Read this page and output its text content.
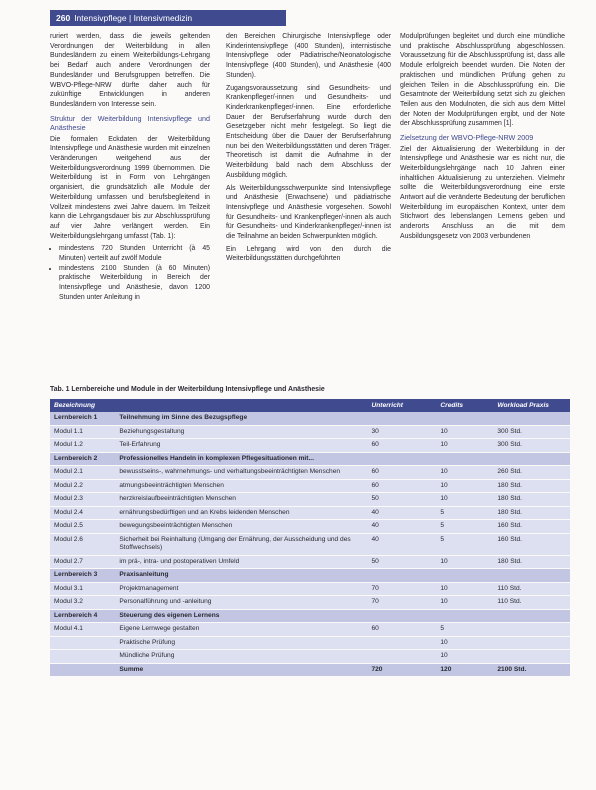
260 Intensivpflege | Intensivmedizin

ruriert werden, dass die jeweils geltenden Verordnungen der Weiterbildung in allen Bundesländern zu einem Weiterbildungs-Lehrgang bei Bedarf auch andere Verordnungen der Bundesländer und Berufsgruppen betreffen. Die WBVO-Pflege-NRW dürfte daher auch für zukünftige Entwicklungen in anderen Bundesländern von Interesse sein.

Struktur der Weiterbildung Intensivpflege und Anästhesie

Die formalen Eckdaten der Weiterbildung Intensivpflege und Anästhesie wurden mit einzelnen Veränderungen weitgehend aus der Weiterbildungsverordnung 1999 übernommen. Die Weiterbildung ist in Form von Lehrgängen organisiert, die grundsätzlich alle Module der Weiterbildung umfassen und berufsbegleitend in Vollzeit mindestens zwei Jahre dauern. Im Teilzeit kann die Lehrgangsdauer bis zur Abschlussprüfung auf vier Jahre verlängert werden. Ein Weiterbildungslehrgang umfasst (Tab. 1):

• mindestens 720 Stunden Unterricht (à 45 Minuten) verteilt auf zwölf Module
• mindestens 2100 Stunden (à 60 Minuten) praktische Weiterbildung in Bereich der Intensivpflege und Anästhesie, davon 1200 Stunden unter Anleitung in

den Bereichen Chirurgische Intensivpflege oder Kinderintensivpflege (400 Stunden), internistische Intensivpflege oder Pädiatrische/Neonatologische Intensivpflege (400 Stunden), und Anästhesie (400 Stunden).

Zugangsvoraussetzung sind Gesundheits- und Krankenpfleger/-innen und Gesundheits- und Kinderkrankenpfleger/-innen. Eine erforderliche Dauer der Berufserfahrung wurde durch den Gesetzgeber nicht mehr festgelegt. So liegt die Entscheidung über die Dauer der Berufserfahrung nun bei den Weiterbildungsstätten und deren Träger. Theoretisch ist damit die Aufnahme in der Weiterbildung bald nach dem Abschluss der Ausbildung möglich.

Als Weiterbildungsschwerpunkte sind Intensivpflege und Anästhesie (Erwachsene) und pädiatrische Intensivpflege und Anästhesie vorgesehen. Sowohl für Gesundheits- und Krankenpfleger/-innen als auch für Gesundheits- und Kinderkrankenpfleger/-innen ist die Teilnahme an beiden Schwerpunkten möglich.

Ein Lehrgang wird von den durch die Weiterbildungsstätten durchgeführten

Modulprüfungen begleitet und durch eine mündliche und praktische Abschlussprüfung abgeschlossen. Voraussetzung für die Abschlussprüfung ist, dass alle Module erfolgreich beendet wurden. Die Noten der praktischen und mündlichen Prüfung gehen zu gleichen Teilen in die Abschlussprüfung ein. Die Gesamtnote der Weiterbildung setzt sich zu gleichen Teilen aus den Modulnoten, die sich aus dem Mittel der Noten der Modulprüfungen ergibt, und der Note der Abschlussprüfung zusammen [1].

Zielsetzung der WBVO-Pflege-NRW 2009

Ziel der Aktualisierung der Weiterbildung in der Intensivpflege und Anästhesie war es nicht nur, die Weiterbildungslehrgänge nach 10 Jahren einer inhaltlichen Aktualisierung zu unterziehen. Vielmehr sollte die Weiterbildungsverordnung eine erste Antwort auf die veränderte Bedeutung der beruflichen Weiterbildung im europäischen Kontext, unter dem Stichwort des lebenslangen Lernens geben und anderorts Anschluss an die mit dem Ausbildungsgesetz von 2003 verbundenen

Tab. 1 Lernbereiche und Module in der Weiterbildung Intensivpflege und Anästhesie
Bezeichnung		Unterricht	Credits	Workload Praxis
Lernbereich 1	Teilnehmung im Sinne des Bezugspflege			
Modul 1.1	Beziehungsgestaltung	30	10	300 Std.
Modul 1.2	Teil-Erfahrung	60	10	300 Std.
Lernbereich 2	Professionelles Handeln in komplexen Pflegesituationen mit...			
Modul 2.1	bewusstseins-, wahrnehmungs- und verhaltungsbeeinträchtigten Menschen	60	10	260 Std.
Modul 2.2	atmungsbeeinträchtigten Menschen	60	10	180 Std.
Modul 2.3	herzkreislaufbeeinträchtigten Menschen	50	10	180 Std.
Modul 2.4	ernährungsbedürftigen und an Krebs leidenden Menschen	40	5	180 Std.
Modul 2.5	bewegungsbeeinträchtigten Menschen	40	5	160 Std.
Modul 2.6	Sicherheit bei Reinhaltung (Umgang der Ernährung, der Ausscheidung und des Stoffwechsels)	40	5	160 Std.
Modul 2.7	im prä-, intra- und postoperativen Umfeld	50	10	180 Std.
Lernbereich 3	Praxisanleitung			
Modul 3.1	Projektmanagement	70	10	110 Std.
Modul 3.2	Personalführung und -anleitung	70	10	110 Std.
Lernbereich 4	Steuerung des eigenen Lernens			
Modul 4.1	Eigene Lernwege gestalten	60	5	
	Praktische Prüfung		10	
	Mündliche Prüfung		10	
	Summe	720	120	2100 Std.
